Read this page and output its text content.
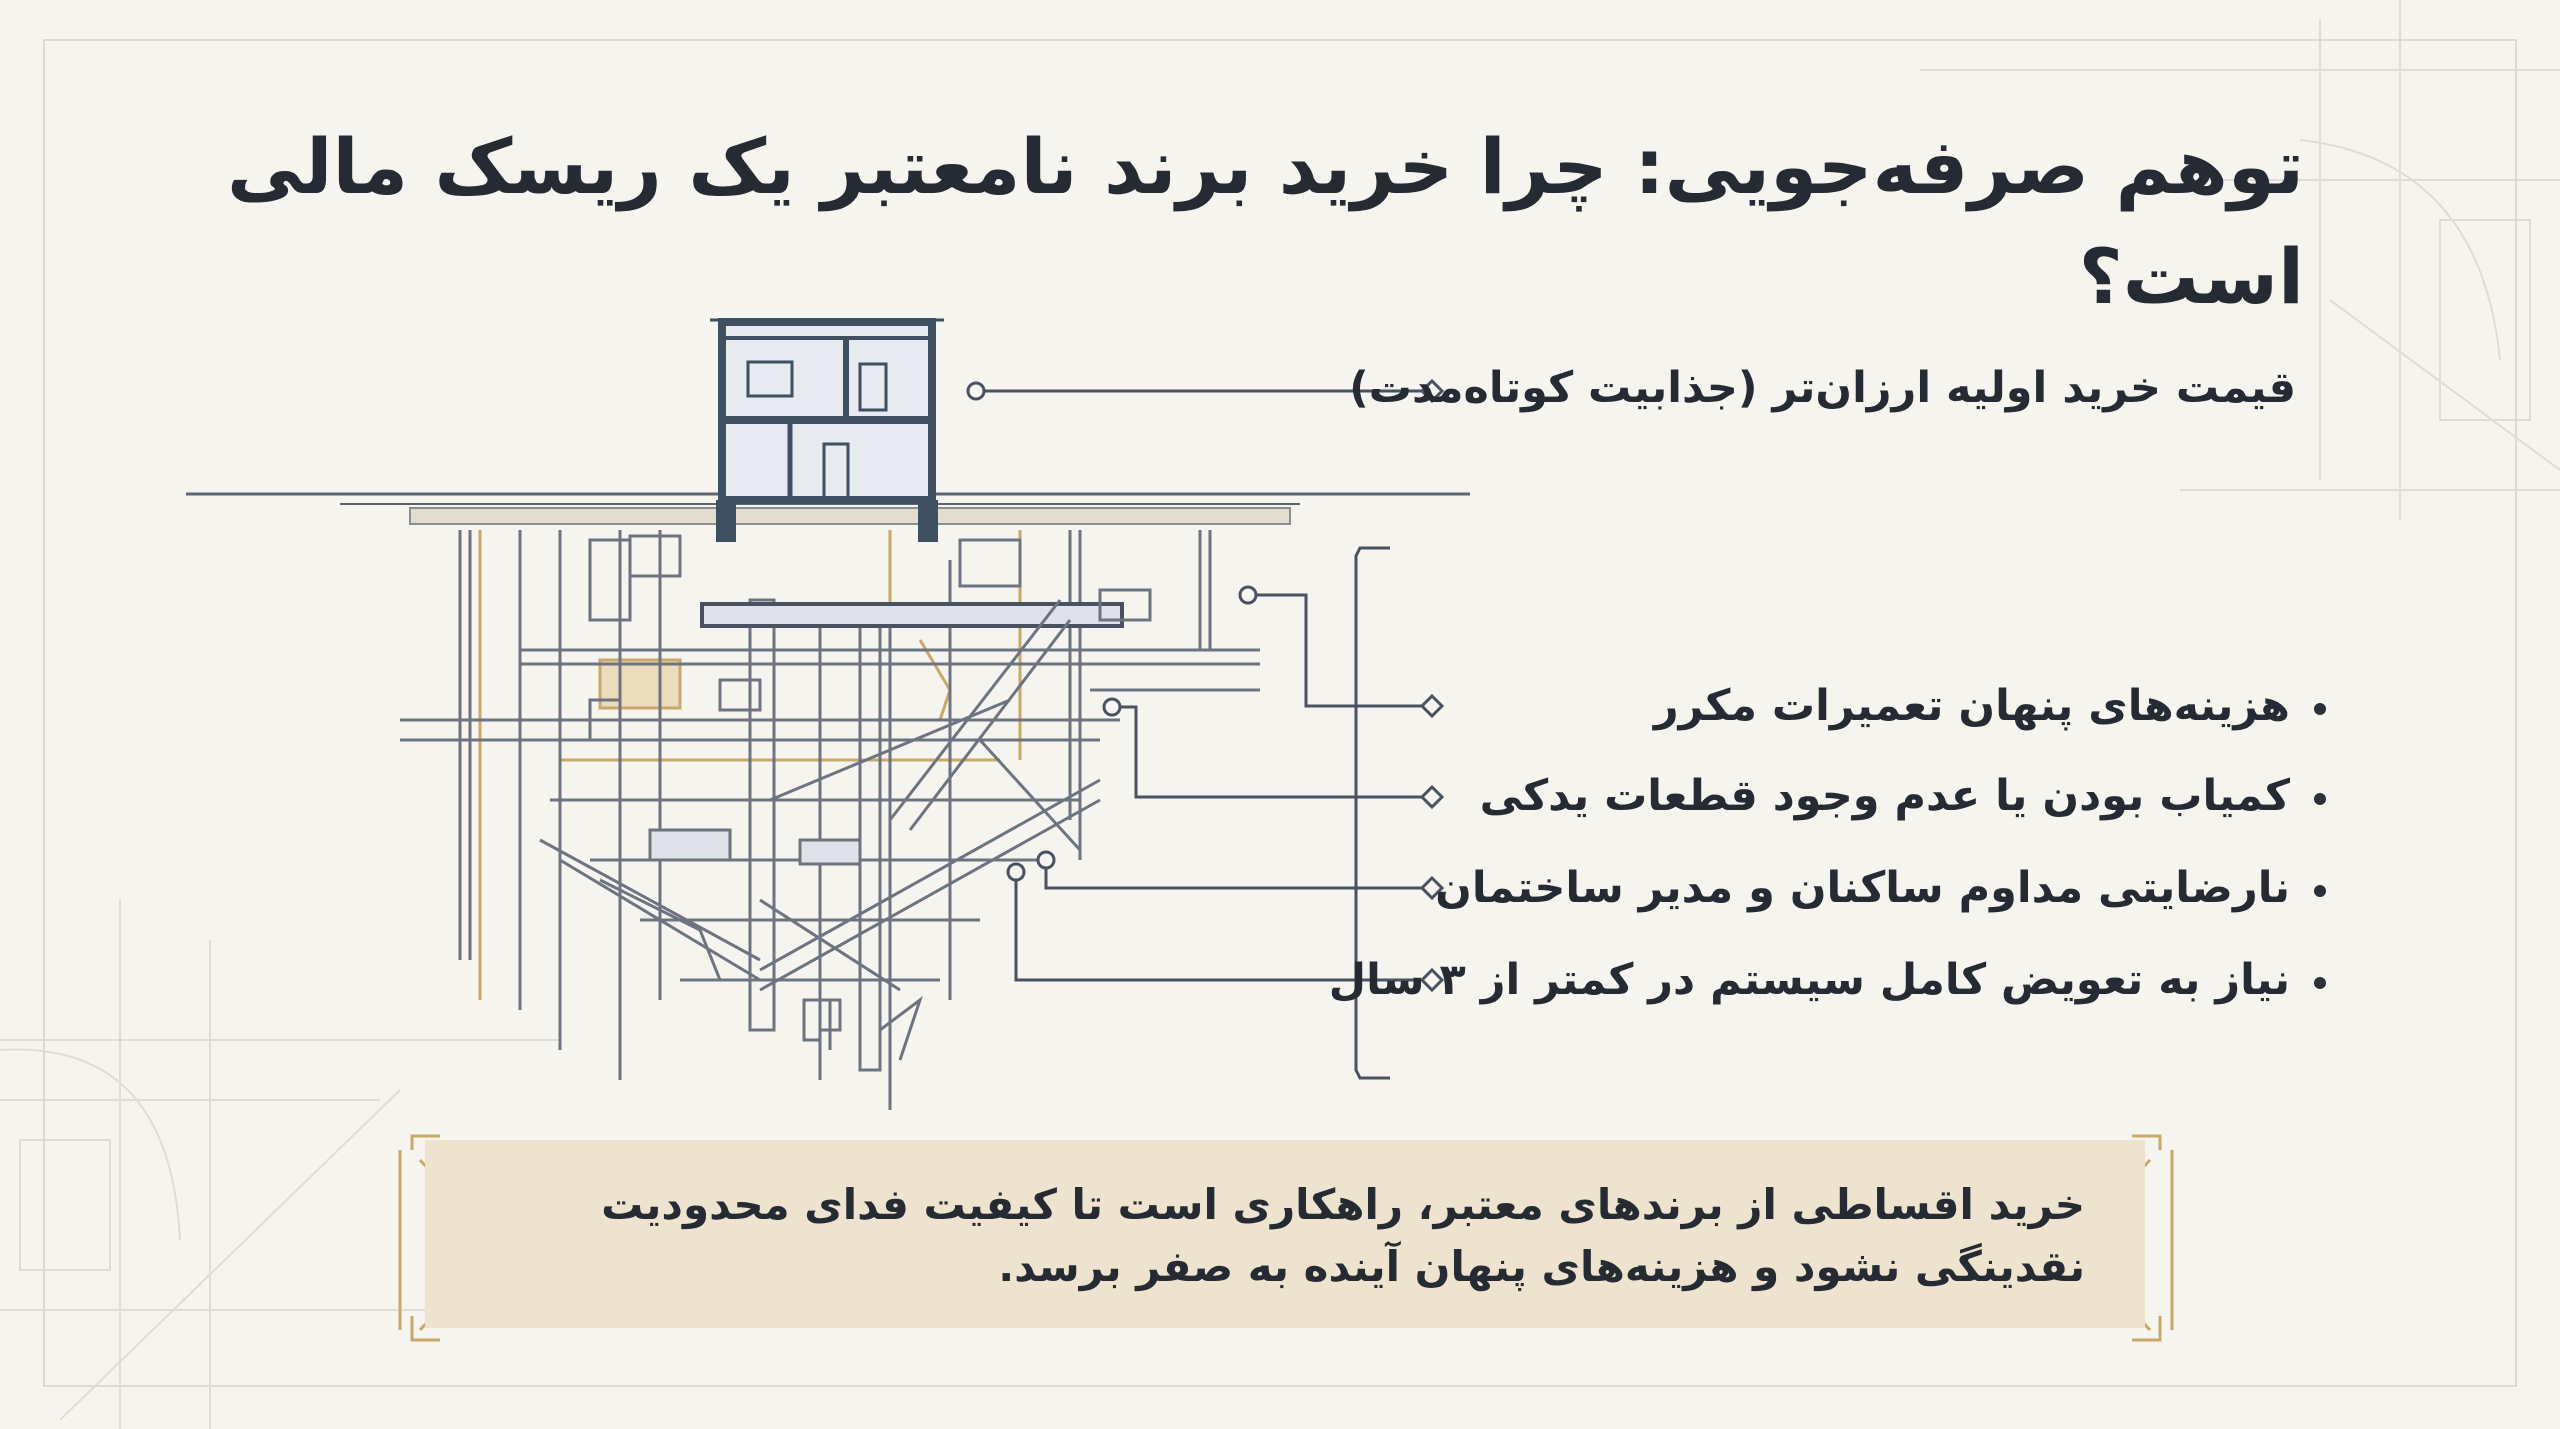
توهم صرفه‌جویی: چرا خرید برند نامعتبر یک ریسک مالی است؟
قیمت خرید اولیه ارزان‌تر (جذابیت کوتاه‌مدت)
هزینه‌های پنهان تعمیرات مکرر
کمیاب بودن یا عدم وجود قطعات یدکی
نارضایتی مداوم ساکنان و مدیر ساختمان
نیاز به تعویض کامل سیستم در کمتر از ۳ سال
خرید اقساطی از برندهای معتبر، راهکاری است تا کیفیت فدای محدودیت نقدینگی نشود و هزینه‌های پنهان آینده به صفر برسد.
